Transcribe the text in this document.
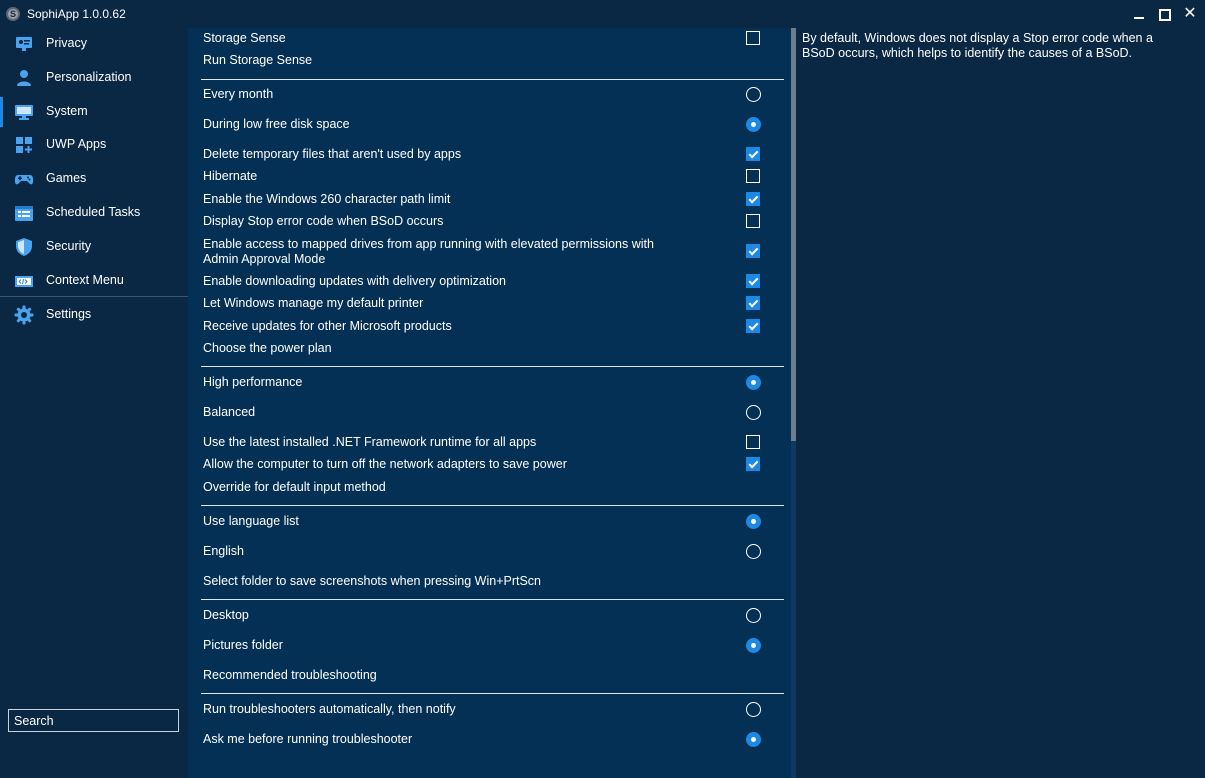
S SophiApp 1.0.0.62	✕
Privacy
Personalization
System
UWP Apps
Games
Scheduled Tasks
Security
Context Menu
Settings
Search
Storage Sense
Run Storage Sense
Every month
During low free disk space
Delete temporary files that aren't used by apps
Hibernate
Enable the Windows 260 character path limit
Display Stop error code when BSoD occurs
Enable access to mapped drives from app running with elevated permissions with Admin Approval Mode
Enable downloading updates with delivery optimization
Let Windows manage my default printer
Receive updates for other Microsoft products
Choose the power plan
High performance
Balanced
Use the latest installed .NET Framework runtime for all apps
Allow the computer to turn off the network adapters to save power
Override for default input method
Use language list
English
Select folder to save screenshots when pressing Win+PrtScn
Desktop
Pictures folder
Recommended troubleshooting
Run troubleshooters automatically, then notify
Ask me before running troubleshooter
By default, Windows does not display a Stop error code when a BSoD occurs, which helps to identify the causes of a BSoD.
